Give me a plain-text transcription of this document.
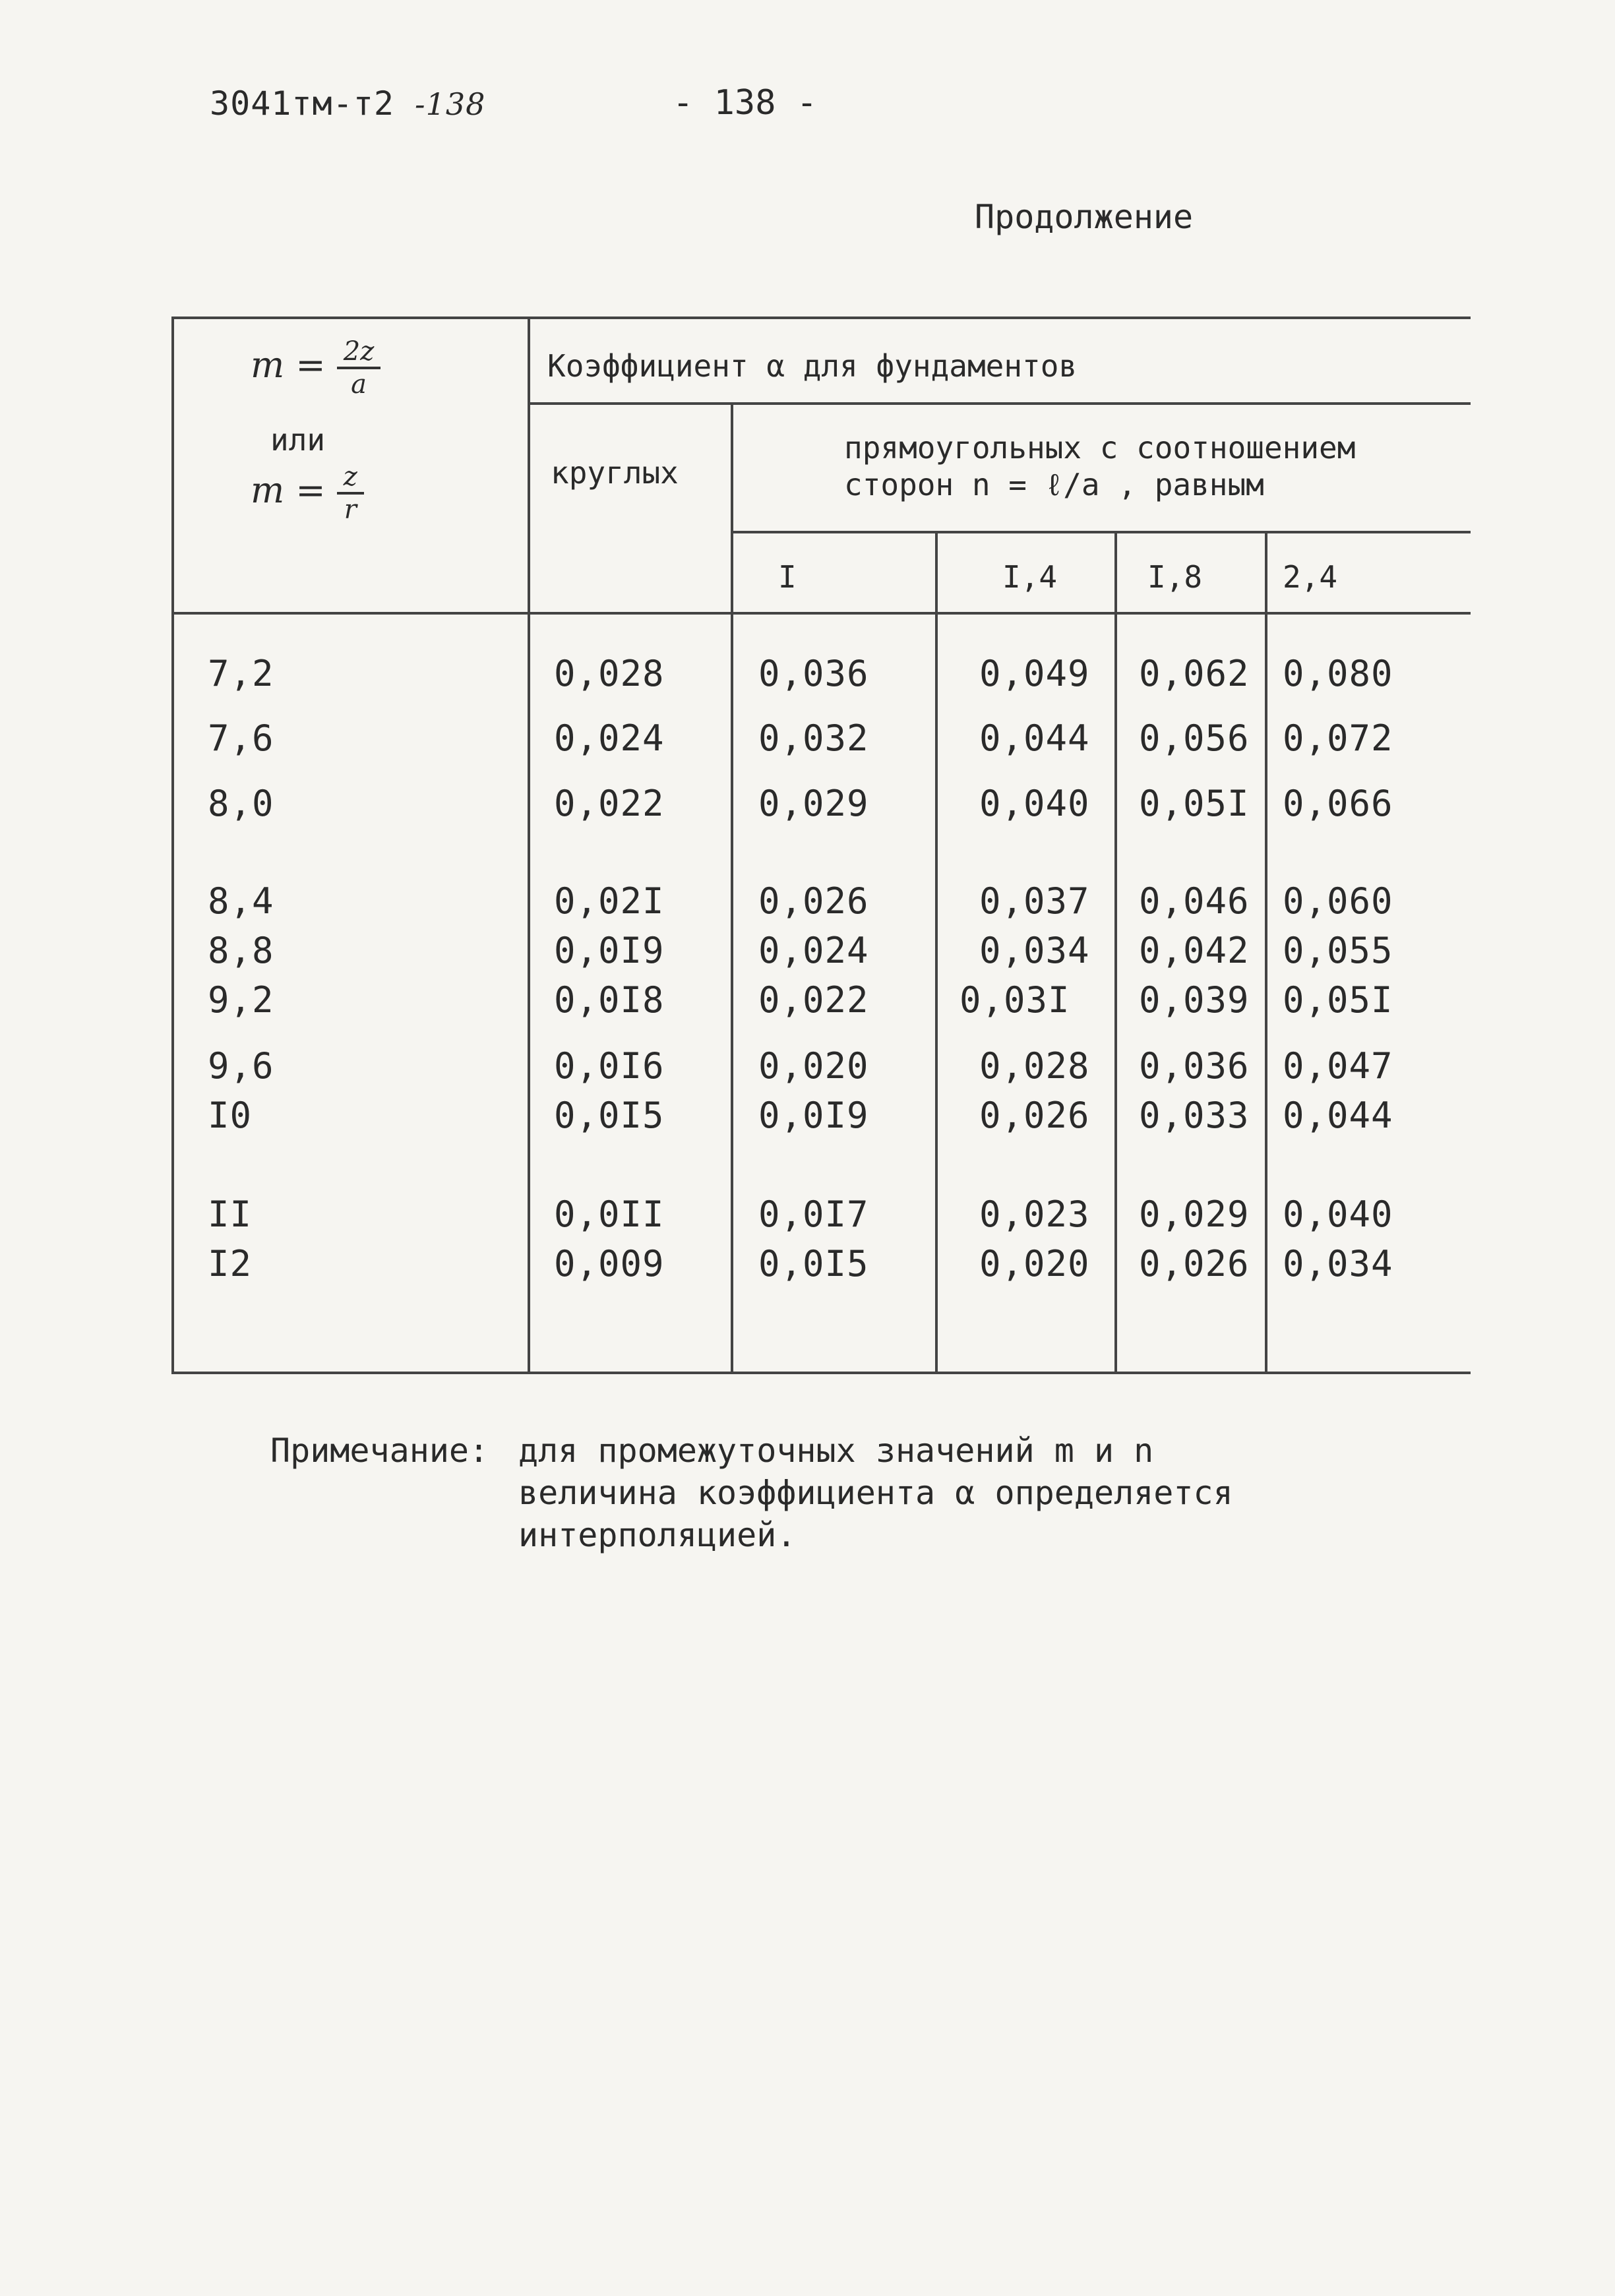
3041тм-т2 -138	- 138 -
Продолжение
$m = \frac{2z}{a}$
или
$m = \frac{z}{r}$
Коэффициент α для фундаментов
круглых
прямоугольных с соотношением
сторон n = ℓ/a , равным
I	I,4	I,8	2,4
7,2	0,028	0,036	0,049 0,062 0,080
7,6	0,024	0,032	0,044 0,056 0,072
8,0	0,022	0,029	0,040 0,05I 0,066
8,4	0,02I	0,026	0,037 0,046 0,060
8,8	0,0I9	0,024	0,034 0,042 0,055
9,2	0,0I8	0,022	0,03I 0,039 0,05I
9,6	0,0I6	0,020	0,028 0,036 0,047
I0	0,0I5	0,0I9	0,026 0,033 0,044
II	0,0II	0,0I7	0,023 0,029 0,040
I2	0,009	0,0I5	0,020 0,026 0,034
Примечание: для промежуточных значений m и n
величина коэффициента α определяется
интерполяцией.
